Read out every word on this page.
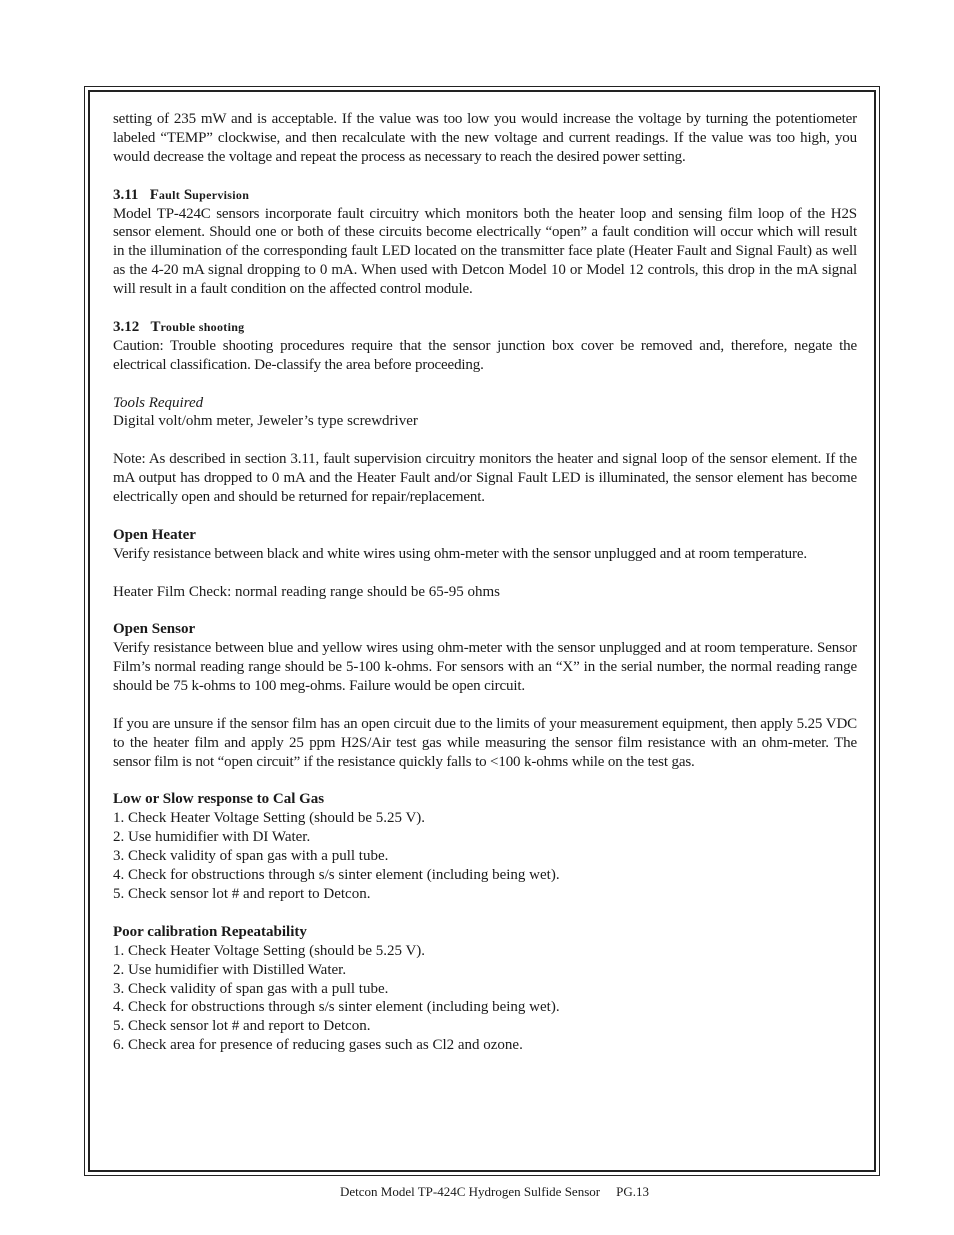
setting of 235 mW and is acceptable. If the value was too low you would increase the voltage by turning the potentiometer labeled “TEMP” clockwise, and then recalculate with the new voltage and current readings. If the value was too high, you would decrease the voltage and repeat the process as necessary to reach the desired power setting.

3.11 Fault Supervision

Model TP-424C sensors incorporate fault circuitry which monitors both the heater loop and sensing film loop of the H2S sensor element. Should one or both of these circuits become electrically “open” a fault condition will occur which will result in the illumination of the corresponding fault LED located on the transmitter face plate (Heater Fault and Signal Fault) as well as the 4-20 mA signal dropping to 0 mA. When used with Detcon Model 10 or Model 12 controls, this drop in the mA signal will result in a fault condition on the affected control module.

3.12 Trouble shooting

Caution: Trouble shooting procedures require that the sensor junction box cover be removed and, therefore, negate the electrical classification. De-classify the area before proceeding.

Tools Required

Digital volt/ohm meter, Jeweler’s type screwdriver

Note: As described in section 3.11, fault supervision circuitry monitors the heater and signal loop of the sensor element. If the mA output has dropped to 0 mA and the Heater Fault and/or Signal Fault LED is illuminated, the sensor element has become electrically open and should be returned for repair/replacement.

Open Heater

Verify resistance between black and white wires using ohm-meter with the sensor unplugged and at room temperature.

Heater Film Check: normal reading range should be 65-95 ohms

Open Sensor

Verify resistance between blue and yellow wires using ohm-meter with the sensor unplugged and at room temperature. Sensor Film’s normal reading range should be 5-100 k-ohms. For sensors with an “X” in the serial number, the normal reading range should be 75 k-ohms to 100 meg-ohms. Failure would be open circuit.

If you are unsure if the sensor film has an open circuit due to the limits of your measurement equipment, then apply 5.25 VDC to the heater film and apply 25 ppm H2S/Air test gas while measuring the sensor film resistance with an ohm-meter. The sensor film is not “open circuit” if the resistance quickly falls to <100 k-ohms while on the test gas.

Low or Slow response to Cal Gas

1. Check Heater Voltage Setting (should be 5.25 V).
2. Use humidifier with DI Water.
3. Check validity of span gas with a pull tube.
4. Check for obstructions through s/s sinter element (including being wet).
5. Check sensor lot # and report to Detcon.

Poor calibration Repeatability

1. Check Heater Voltage Setting (should be 5.25 V).
2. Use humidifier with Distilled Water.
3. Check validity of span gas with a pull tube.
4. Check for obstructions through s/s sinter element (including being wet).
5. Check sensor lot # and report to Detcon.
6. Check area for presence of reducing gases such as Cl2 and ozone.
Detcon Model TP-424C Hydrogen Sulfide Sensor PG.13
